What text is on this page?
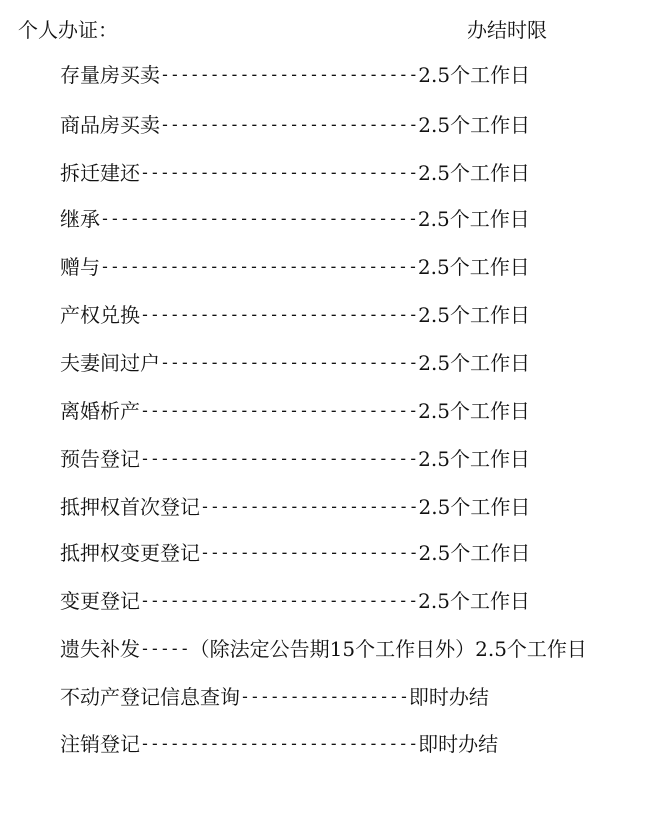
个人办证：	办结时限
存量房买卖--------------------------2.5个工作日
商品房买卖--------------------------2.5个工作日
拆迁建还----------------------------2.5个工作日
继承--------------------------------2.5个工作日
赠与--------------------------------2.5个工作日
产权兑换----------------------------2.5个工作日
夫妻间过户--------------------------2.5个工作日
离婚析产----------------------------2.5个工作日
预告登记----------------------------2.5个工作日
抵押权首次登记----------------------2.5个工作日
抵押权变更登记----------------------2.5个工作日
变更登记----------------------------2.5个工作日
遗失补发-----（除法定公告期15个工作日外）2.5个工作日
不动产登记信息查询-----------------即时办结
注销登记----------------------------即时办结
